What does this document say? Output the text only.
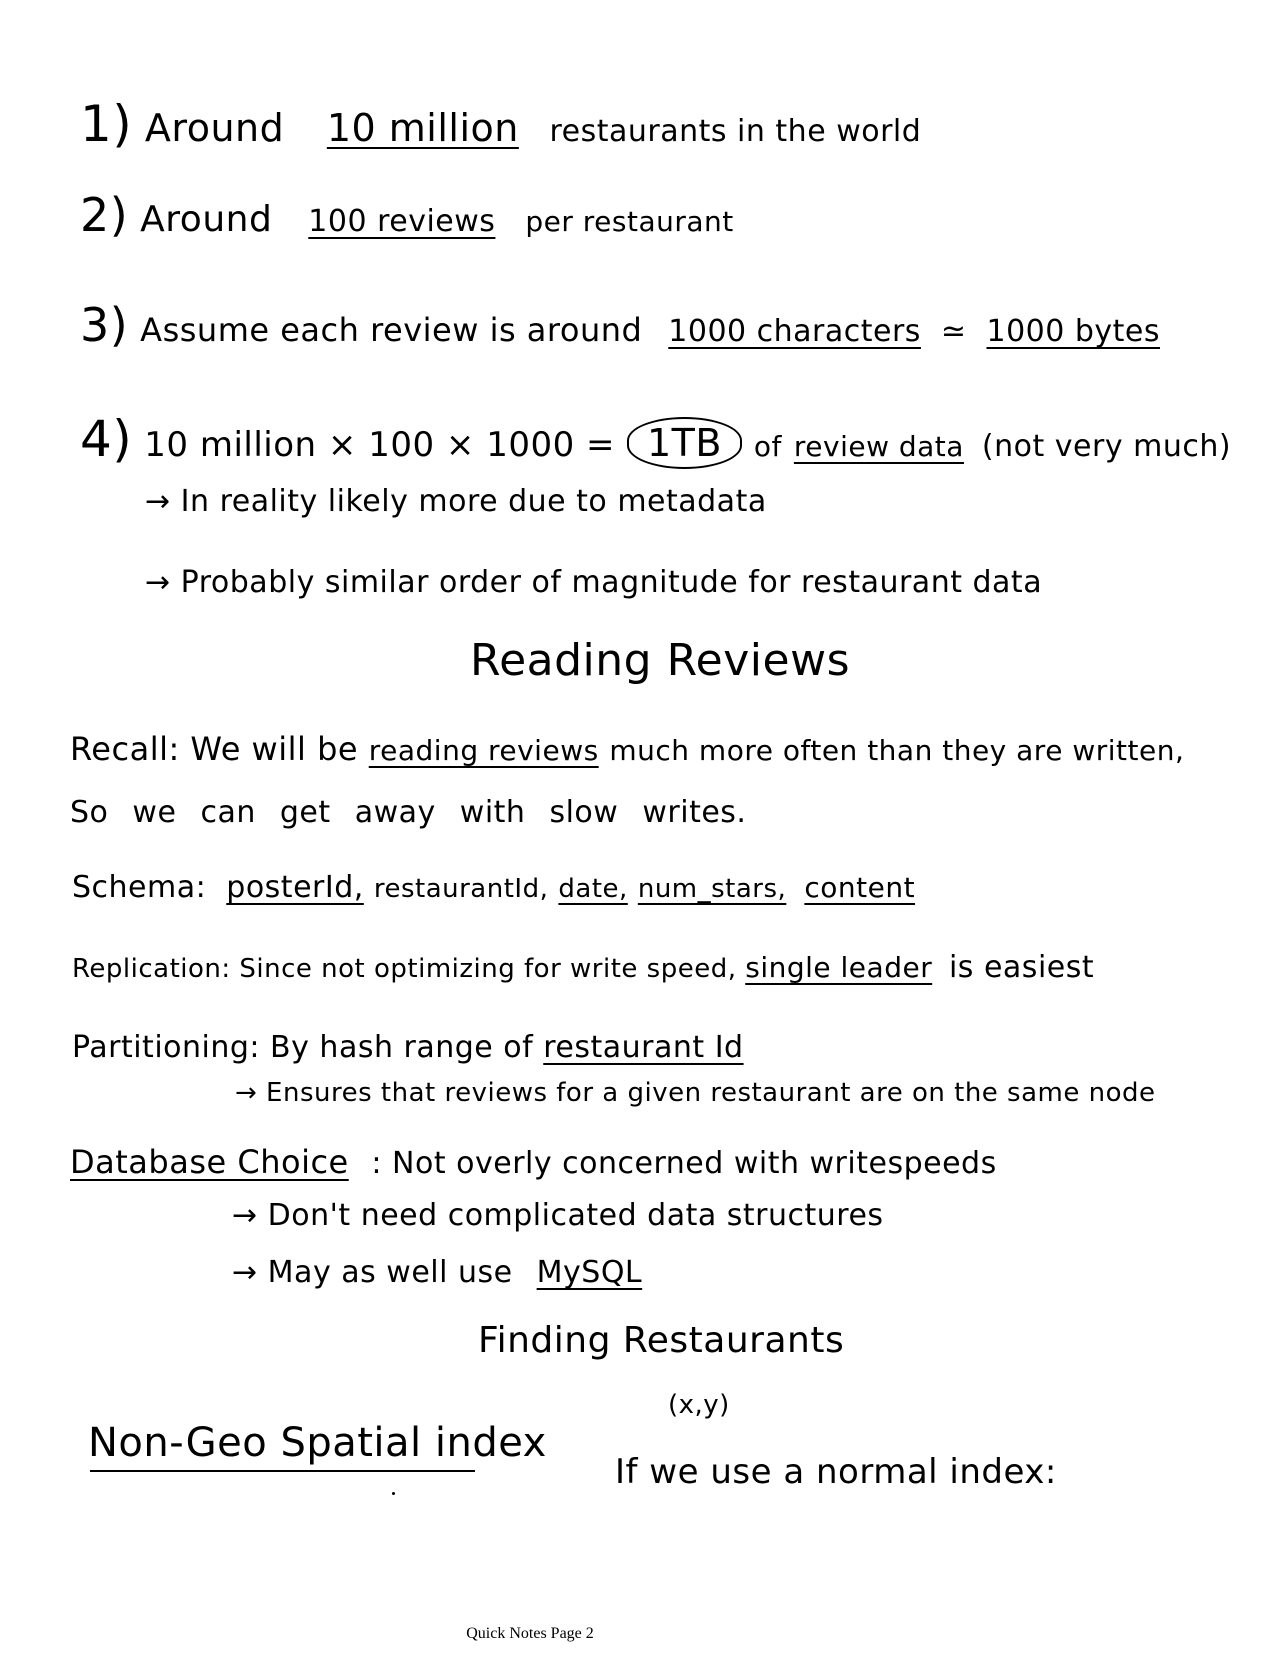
1) Around 10 million restaurants in the world
2) Around 100 reviews per restaurant
3) Assume each review is around 1000 characters ≃ 1000 bytes
4) 10 million × 100 × 1000 = 1TB of review data (not very much)
→ In reality likely more due to metadata
→ Probably similar order of magnitude for restaurant data
Reading Reviews
Recall: We will be reading reviews much more often than they are written,
So we can get away with slow writes.
Schema: posterId, restaurantId, date, num_stars, content
Replication: Since not optimizing for write speed, single leader is easiest
Partitioning: By hash range of restaurant Id
→ Ensures that reviews for a given restaurant are on the same node
Database Choice : Not overly concerned with writespeeds
→ Don't need complicated data structures
→ May as well use MySQL
Finding Restaurants
(x,y)
Non-Geo Spatial index
If we use a normal index:
Quick Notes Page 2
